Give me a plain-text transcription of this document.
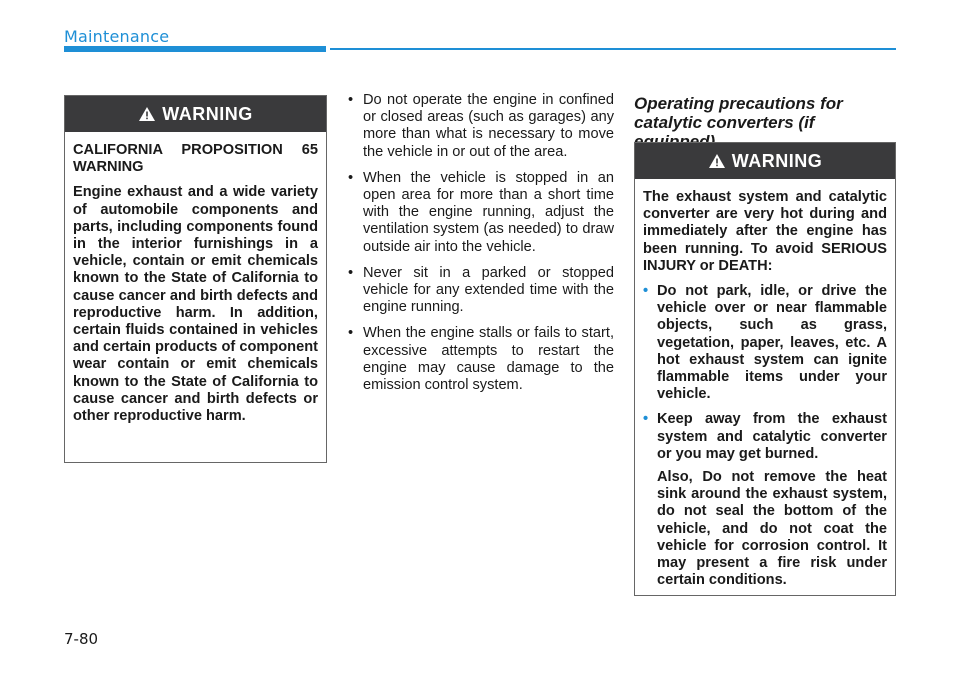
Maintenance
WARNING

CALIFORNIA PROPOSITION 65 WARNING

Engine exhaust and a wide variety of automobile components and parts, including components found in the interior furnishings in a vehicle, contain or emit chemicals known to the State of California to cause cancer and birth defects and reproductive harm. In addition, certain fluids contained in vehicles and certain products of component wear contain or emit chemicals known to the State of California to cause cancer and birth defects or other reproductive harm.

• Do not operate the engine in confined or closed areas (such as garages) any more than what is necessary to move the vehicle in or out of the area.
• When the vehicle is stopped in an open area for more than a short time with the engine running, adjust the ventilation system (as needed) to draw outside air into the vehicle.
• Never sit in a parked or stopped vehicle for any extended time with the engine running.
• When the engine stalls or fails to start, excessive attempts to restart the engine may cause damage to the emission control system.
Operating precautions for catalytic converters (if
WARNING

The exhaust system and catalytic converter are very hot during and immediately after the engine has been running. To avoid SERIOUS INJURY or DEATH:

• Do not park, idle, or drive the vehicle over or near flammable objects, such as grass, vegetation, paper, leaves, etc. A hot exhaust system can ignite flammable items under your vehicle.
• Keep away from the exhaust system and catalytic converter or you may get burned.
Also, Do not remove the heat sink around the exhaust system, do not seal the bottom of the vehicle, and do not coat the vehicle for corrosion control. It may present a fire risk under certain conditions.
7-80
